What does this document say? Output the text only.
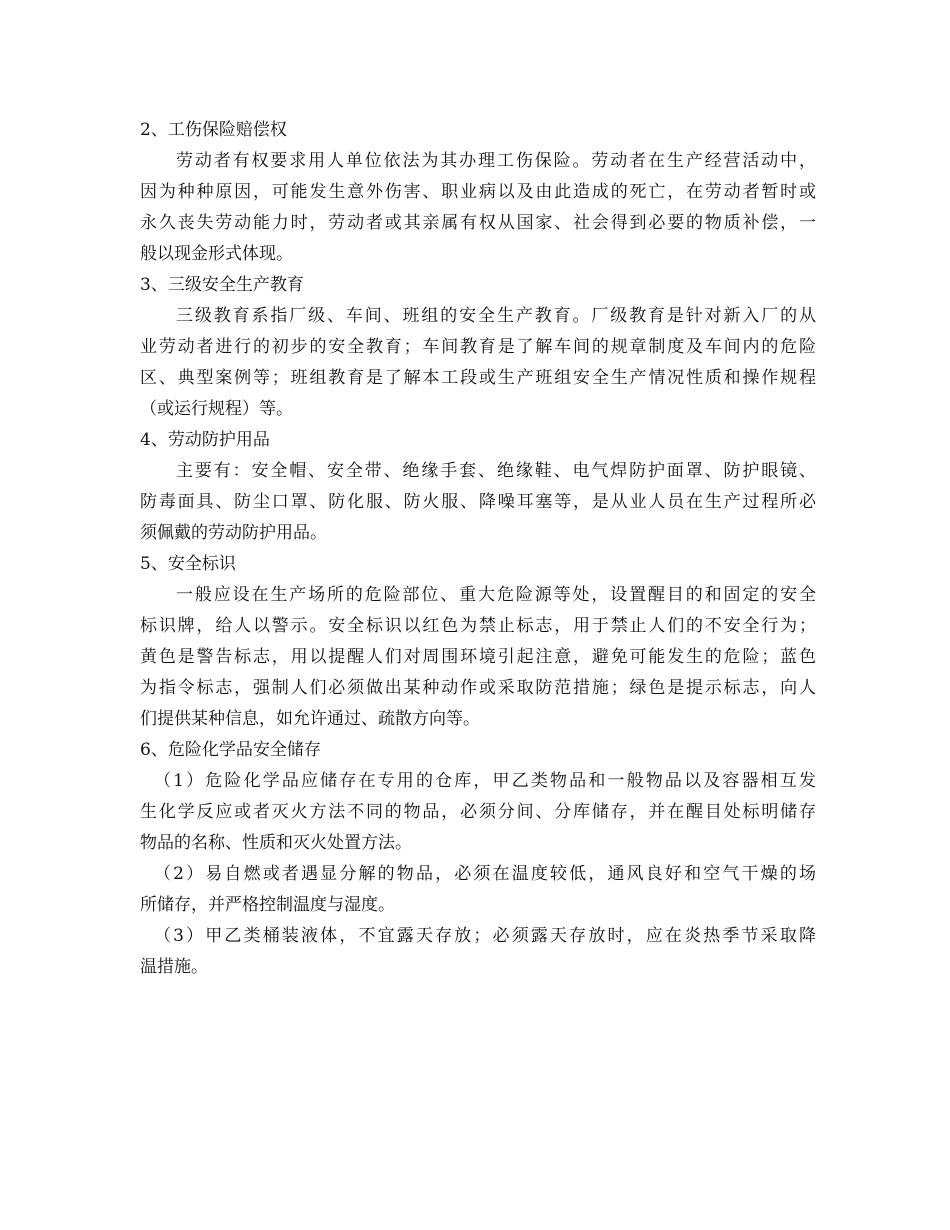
2、工伤保险赔偿权
劳动者有权要求用人单位依法为其办理工伤保险。劳动者在生产经营活动中，
因为种种原因，可能发生意外伤害、职业病以及由此造成的死亡，在劳动者暂时或
永久丧失劳动能力时，劳动者或其亲属有权从国家、社会得到必要的物质补偿，一
般以现金形式体现。
3、三级安全生产教育
三级教育系指厂级、车间、班组的安全生产教育。厂级教育是针对新入厂的从
业劳动者进行的初步的安全教育；车间教育是了解车间的规章制度及车间内的危险
区、典型案例等；班组教育是了解本工段或生产班组安全生产情况性质和操作规程
（或运行规程）等。
4、劳动防护用品
主要有：安全帽、安全带、绝缘手套、绝缘鞋、电气焊防护面罩、防护眼镜、
防毒面具、防尘口罩、防化服、防火服、降噪耳塞等，是从业人员在生产过程所必
须佩戴的劳动防护用品。
5、安全标识
一般应设在生产场所的危险部位、重大危险源等处，设置醒目的和固定的安全
标识牌，给人以警示。安全标识以红色为禁止标志，用于禁止人们的不安全行为；
黄色是警告标志，用以提醒人们对周围环境引起注意，避免可能发生的危险；蓝色
为指令标志，强制人们必须做出某种动作或采取防范措施；绿色是提示标志，向人
们提供某种信息，如允许通过、疏散方向等。
6、危险化学品安全储存
（1）危险化学品应储存在专用的仓库，甲乙类物品和一般物品以及容器相互发
生化学反应或者灭火方法不同的物品，必须分间、分库储存，并在醒目处标明储存
物品的名称、性质和灭火处置方法。
（2）易自燃或者遇显分解的物品，必须在温度较低，通风良好和空气干燥的场
所储存，并严格控制温度与湿度。
（3）甲乙类桶装液体，不宜露天存放；必须露天存放时，应在炎热季节采取降
温措施。
